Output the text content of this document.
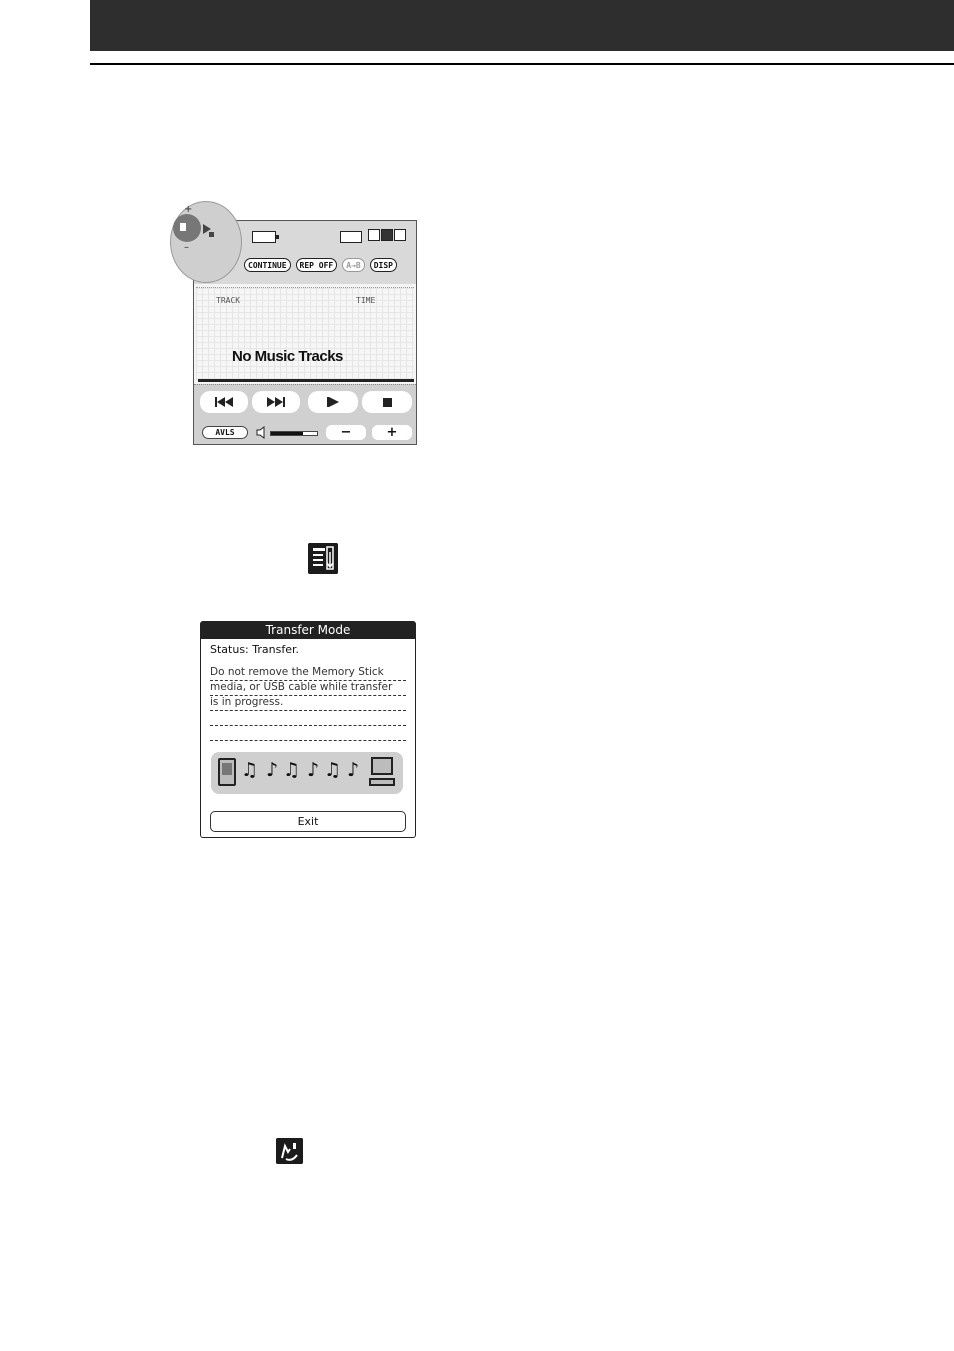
+
–
CONTINUE	REP OFF	A→B	DISP
TRACK	TIME
No Music Tracks
AVLS	−	+
Transfer Mode
Status: Transfer.
Do not remove the Memory Stick
media, or USB cable while transfer
is in progress.
♫ ♪ ♫ ♪ ♫ ♪
Exit
